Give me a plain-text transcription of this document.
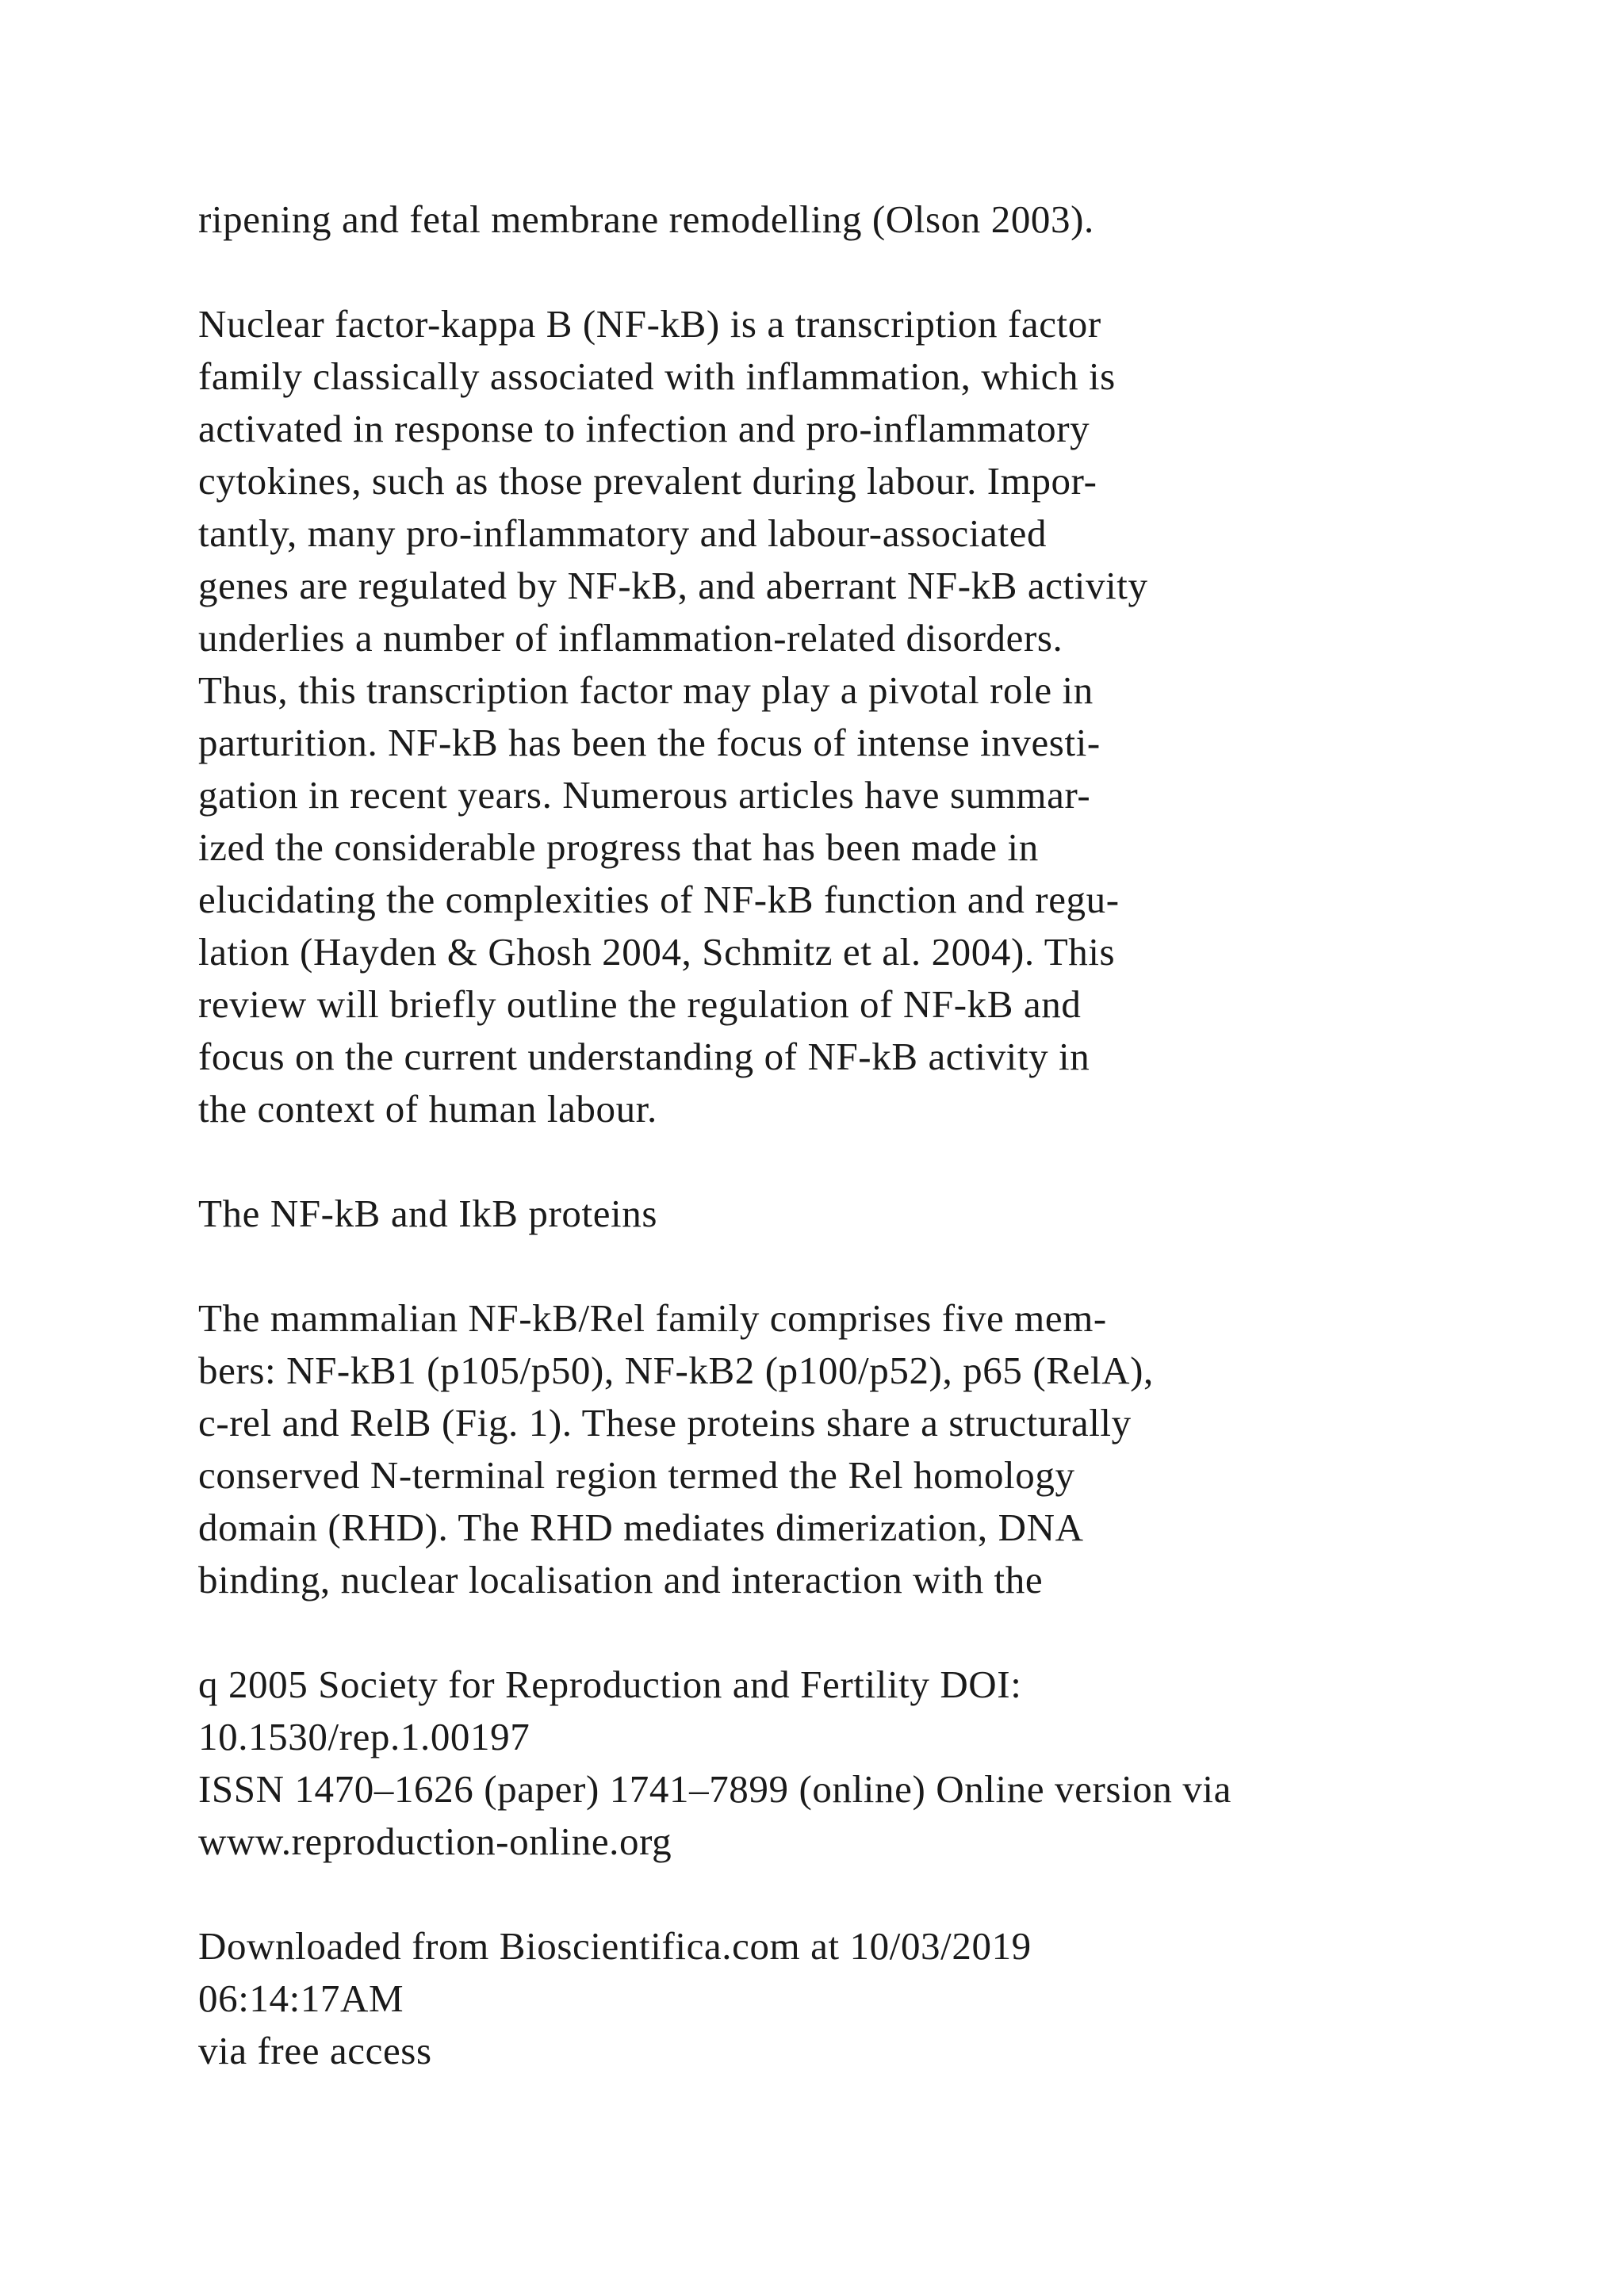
ripening and fetal membrane remodelling (Olson 2003).
Nuclear factor-kappa B (NF-kB) is a transcription factor
family classically associated with inflammation, which is
activated in response to infection and pro-inflammatory
cytokines, such as those prevalent during labour. Impor-
tantly, many pro-inflammatory and labour-associated
genes are regulated by NF-kB, and aberrant NF-kB activity
underlies a number of inflammation-related disorders.
Thus, this transcription factor may play a pivotal role in
parturition. NF-kB has been the focus of intense investi-
gation in recent years. Numerous articles have summar-
ized the considerable progress that has been made in
elucidating the complexities of NF-kB function and regu-
lation (Hayden & Ghosh 2004, Schmitz et al. 2004). This
review will briefly outline the regulation of NF-kB and
focus on the current understanding of NF-kB activity in
the context of human labour.
The NF-kB and IkB proteins
The mammalian NF-kB/Rel family comprises five mem-
bers: NF-kB1 (p105/p50), NF-kB2 (p100/p52), p65 (RelA),
c-rel and RelB (Fig. 1). These proteins share a structurally
conserved N-terminal region termed the Rel homology
domain (RHD). The RHD mediates dimerization, DNA
binding, nuclear localisation and interaction with the
q 2005 Society for Reproduction and Fertility DOI:
10.1530/rep.1.00197
ISSN 1470–1626 (paper) 1741–7899 (online) Online version via
www.reproduction-online.org
Downloaded from Bioscientifica.com at 10/03/2019
06:14:17AM
via free access
